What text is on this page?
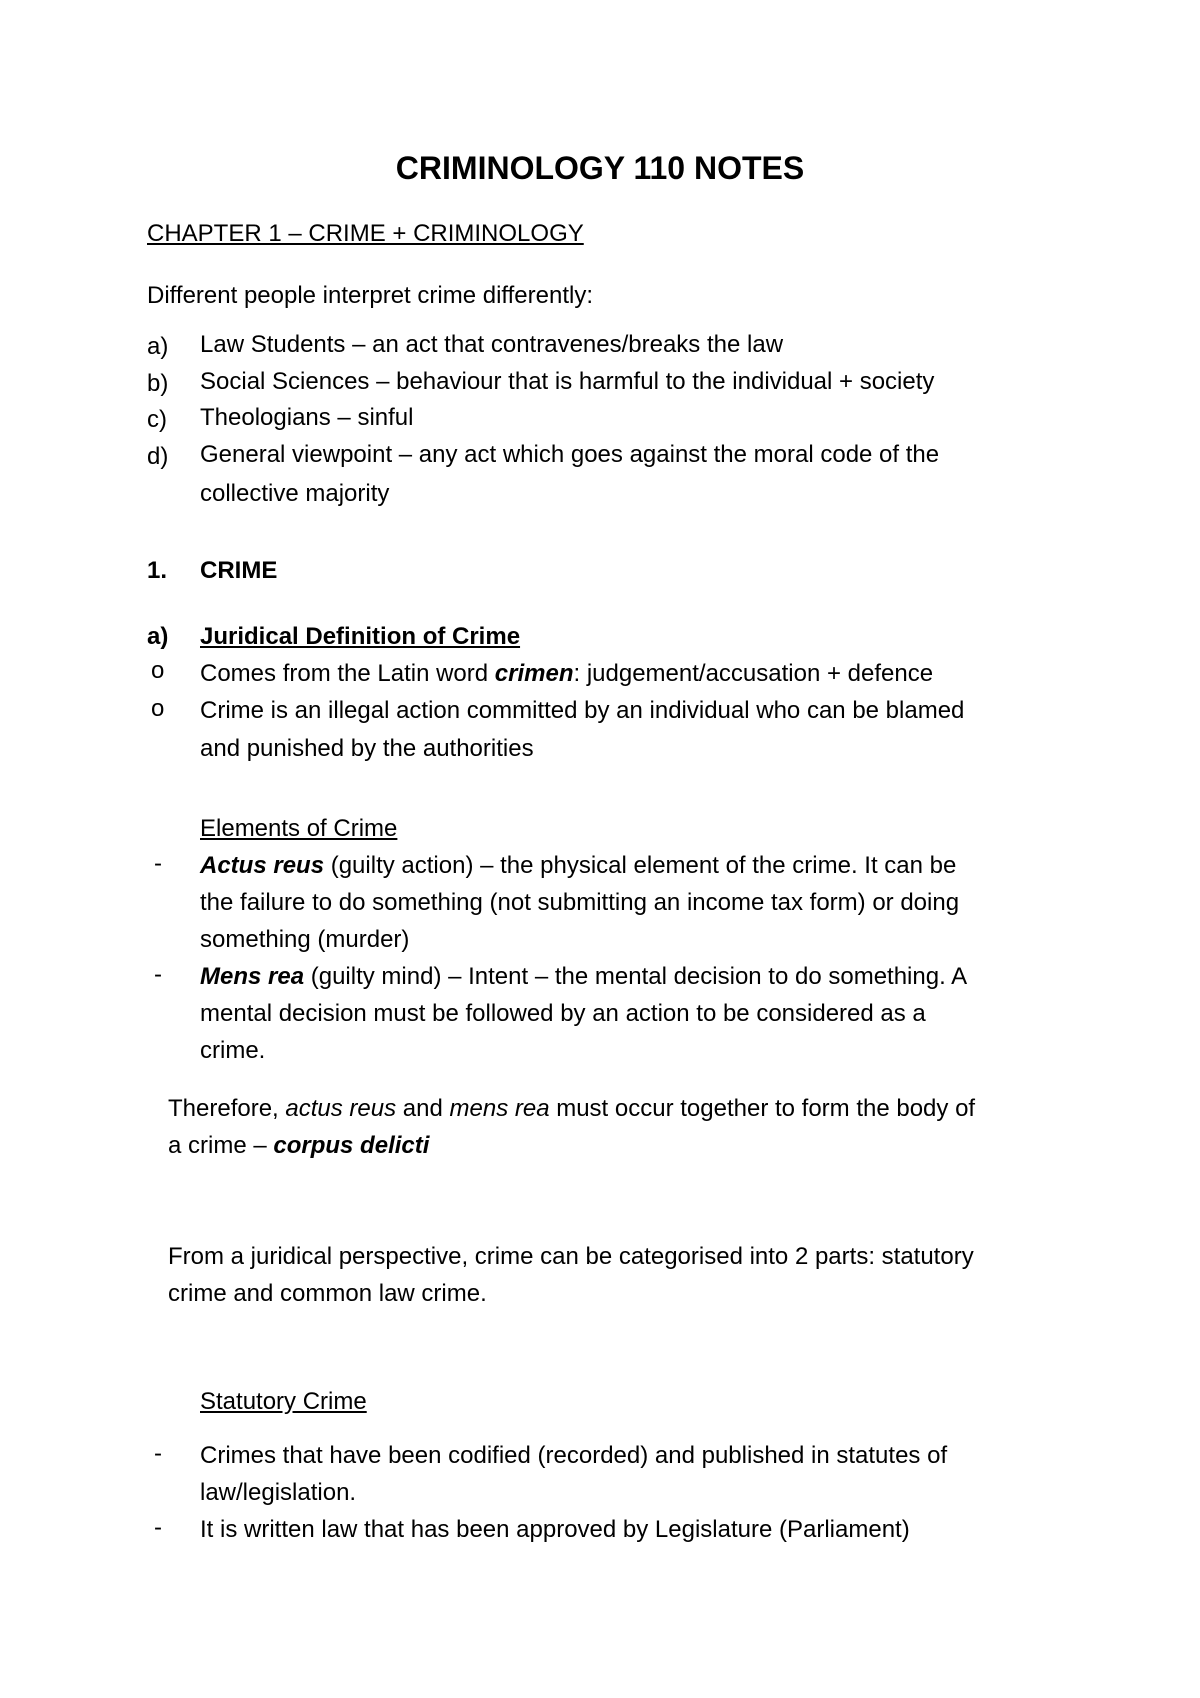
CRIMINOLOGY 110 NOTES
CHAPTER 1 – CRIME + CRIMINOLOGY
Different people interpret crime differently:
a) Law Students – an act that contravenes/breaks the law
b) Social Sciences – behaviour that is harmful to the individual + society
c) Theologians – sinful
d) General viewpoint – any act which goes against the moral code of the
collective majority
1. CRIME
a) Juridical Definition of Crime
o Comes from the Latin word crimen: judgement/accusation + defence
o Crime is an illegal action committed by an individual who can be blamed
and punished by the authorities
Elements of Crime
- Actus reus (guilty action) – the physical element of the crime. It can be
the failure to do something (not submitting an income tax form) or doing
something (murder)
- Mens rea (guilty mind) – Intent – the mental decision to do something. A
mental decision must be followed by an action to be considered as a
crime.
Therefore, actus reus and mens rea must occur together to form the body of
a crime – corpus delicti
From a juridical perspective, crime can be categorised into 2 parts: statutory
crime and common law crime.
Statutory Crime
- Crimes that have been codified (recorded) and published in statutes of
law/legislation.
- It is written law that has been approved by Legislature (Parliament)
